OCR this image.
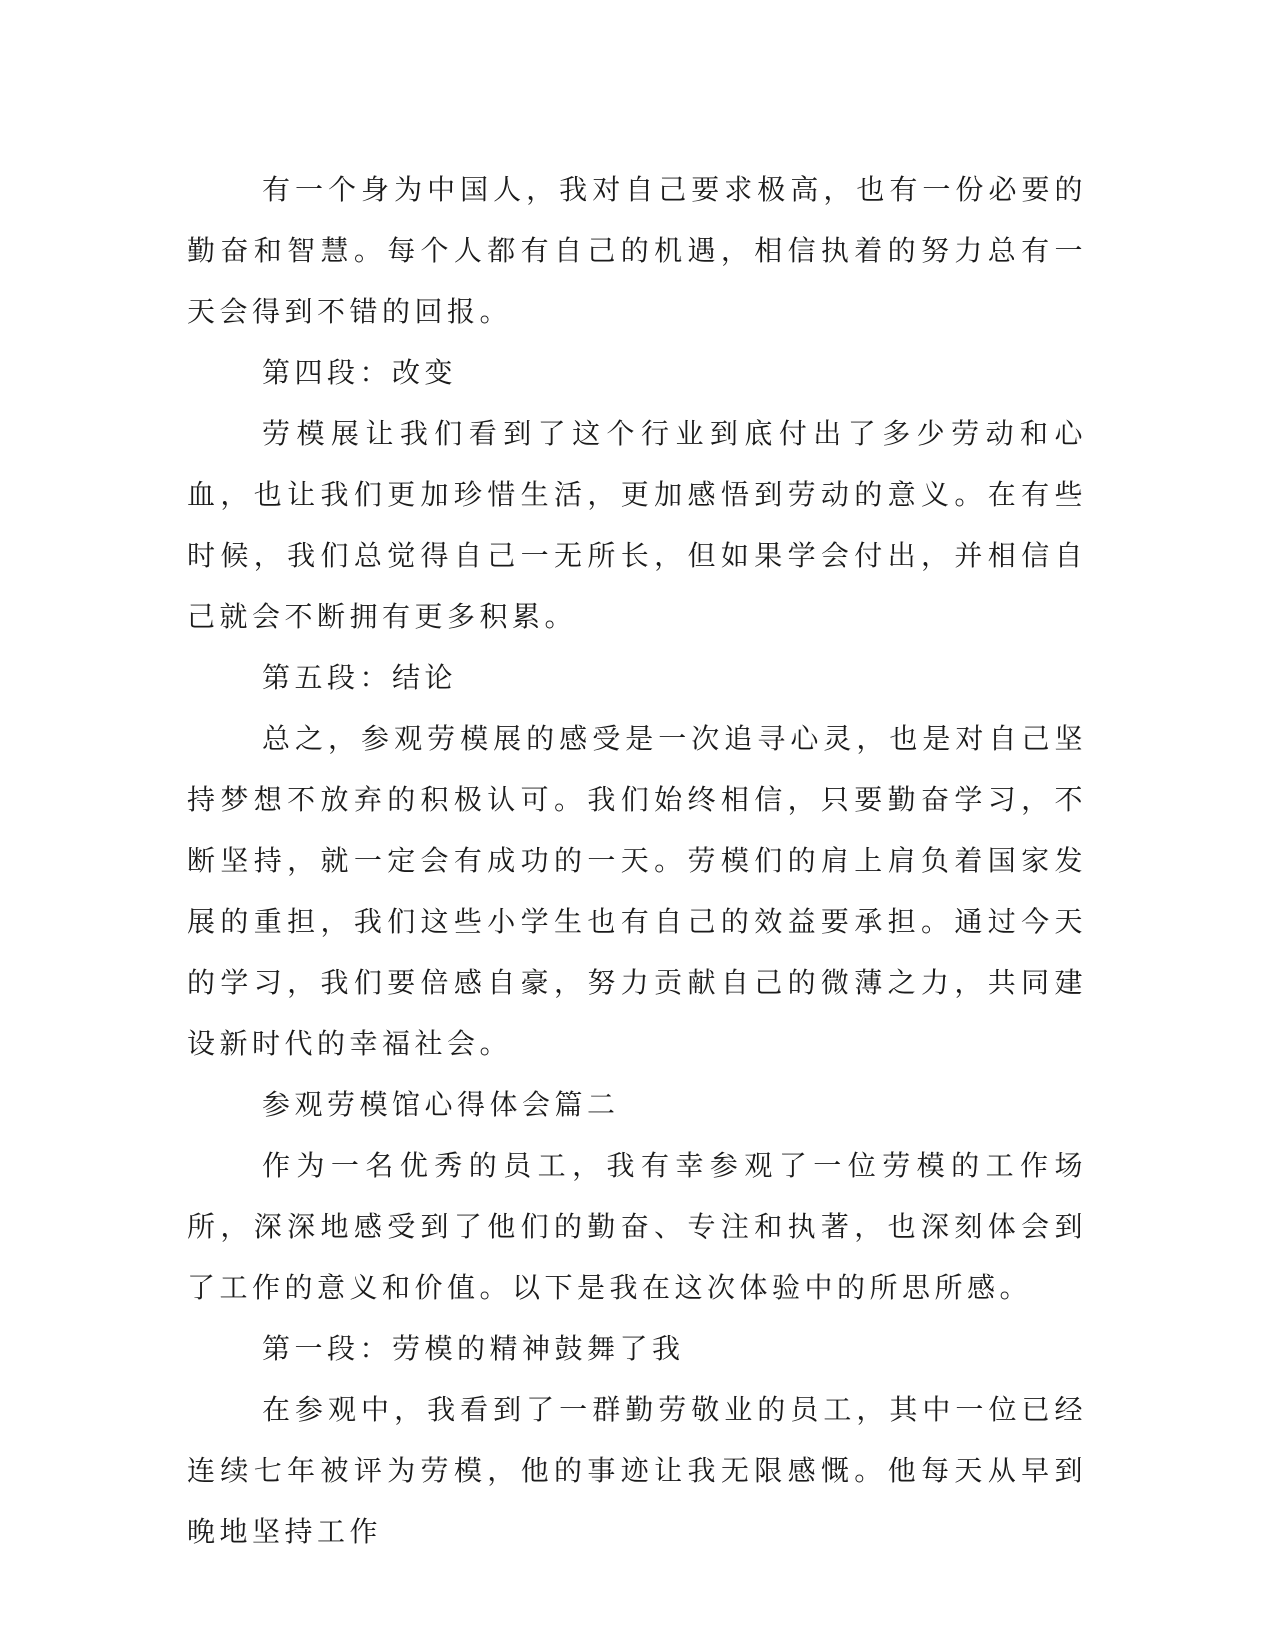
有一个身为中国人，我对自己要求极高，也有一份必要的勤奋和智慧。每个人都有自己的机遇，相信执着的努力总有一天会得到不错的回报。

第四段：改变

劳模展让我们看到了这个行业到底付出了多少劳动和心血，也让我们更加珍惜生活，更加感悟到劳动的意义。在有些时候，我们总觉得自己一无所长，但如果学会付出，并相信自己就会不断拥有更多积累。

第五段：结论

总之，参观劳模展的感受是一次追寻心灵，也是对自己坚持梦想不放弃的积极认可。我们始终相信，只要勤奋学习，不断坚持，就一定会有成功的一天。劳模们的肩上肩负着国家发展的重担，我们这些小学生也有自己的效益要承担。通过今天的学习，我们要倍感自豪，努力贡献自己的微薄之力，共同建设新时代的幸福社会。

参观劳模馆心得体会篇二

作为一名优秀的员工，我有幸参观了一位劳模的工作场所，深深地感受到了他们的勤奋、专注和执著，也深刻体会到了工作的意义和价值。以下是我在这次体验中的所思所感。

第一段：劳模的精神鼓舞了我

在参观中，我看到了一群勤劳敬业的员工，其中一位已经连续七年被评为劳模，他的事迹让我无限感慨。他每天从早到晚地坚持工作
